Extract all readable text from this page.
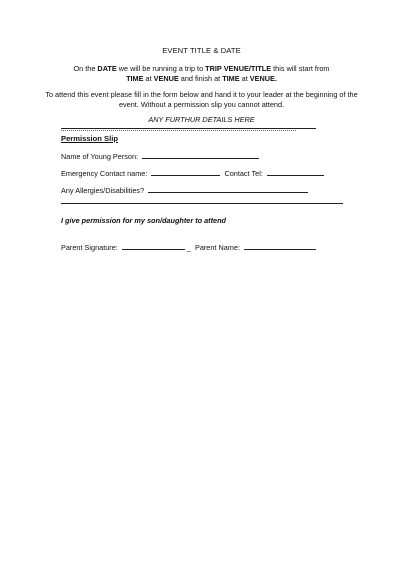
EVENT TITLE & DATE
On the DATE we will be running a trip to TRIP VENUE/TITLE this will start from
TIME at VENUE and finish at TIME at VENUE.
To attend this event please fill in the form below and hand it to your leader at the beginning of the event. Without a permission slip you cannot attend.
ANY FURTHUR DETAILS HERE
Permission Slip
Name of Young Person:
Emergency Contact name:	Contact Tel:
Any Allergies/Disabilities?
I give permission for my son/daughter to attend
Parent Signature:	_ Parent Name:
